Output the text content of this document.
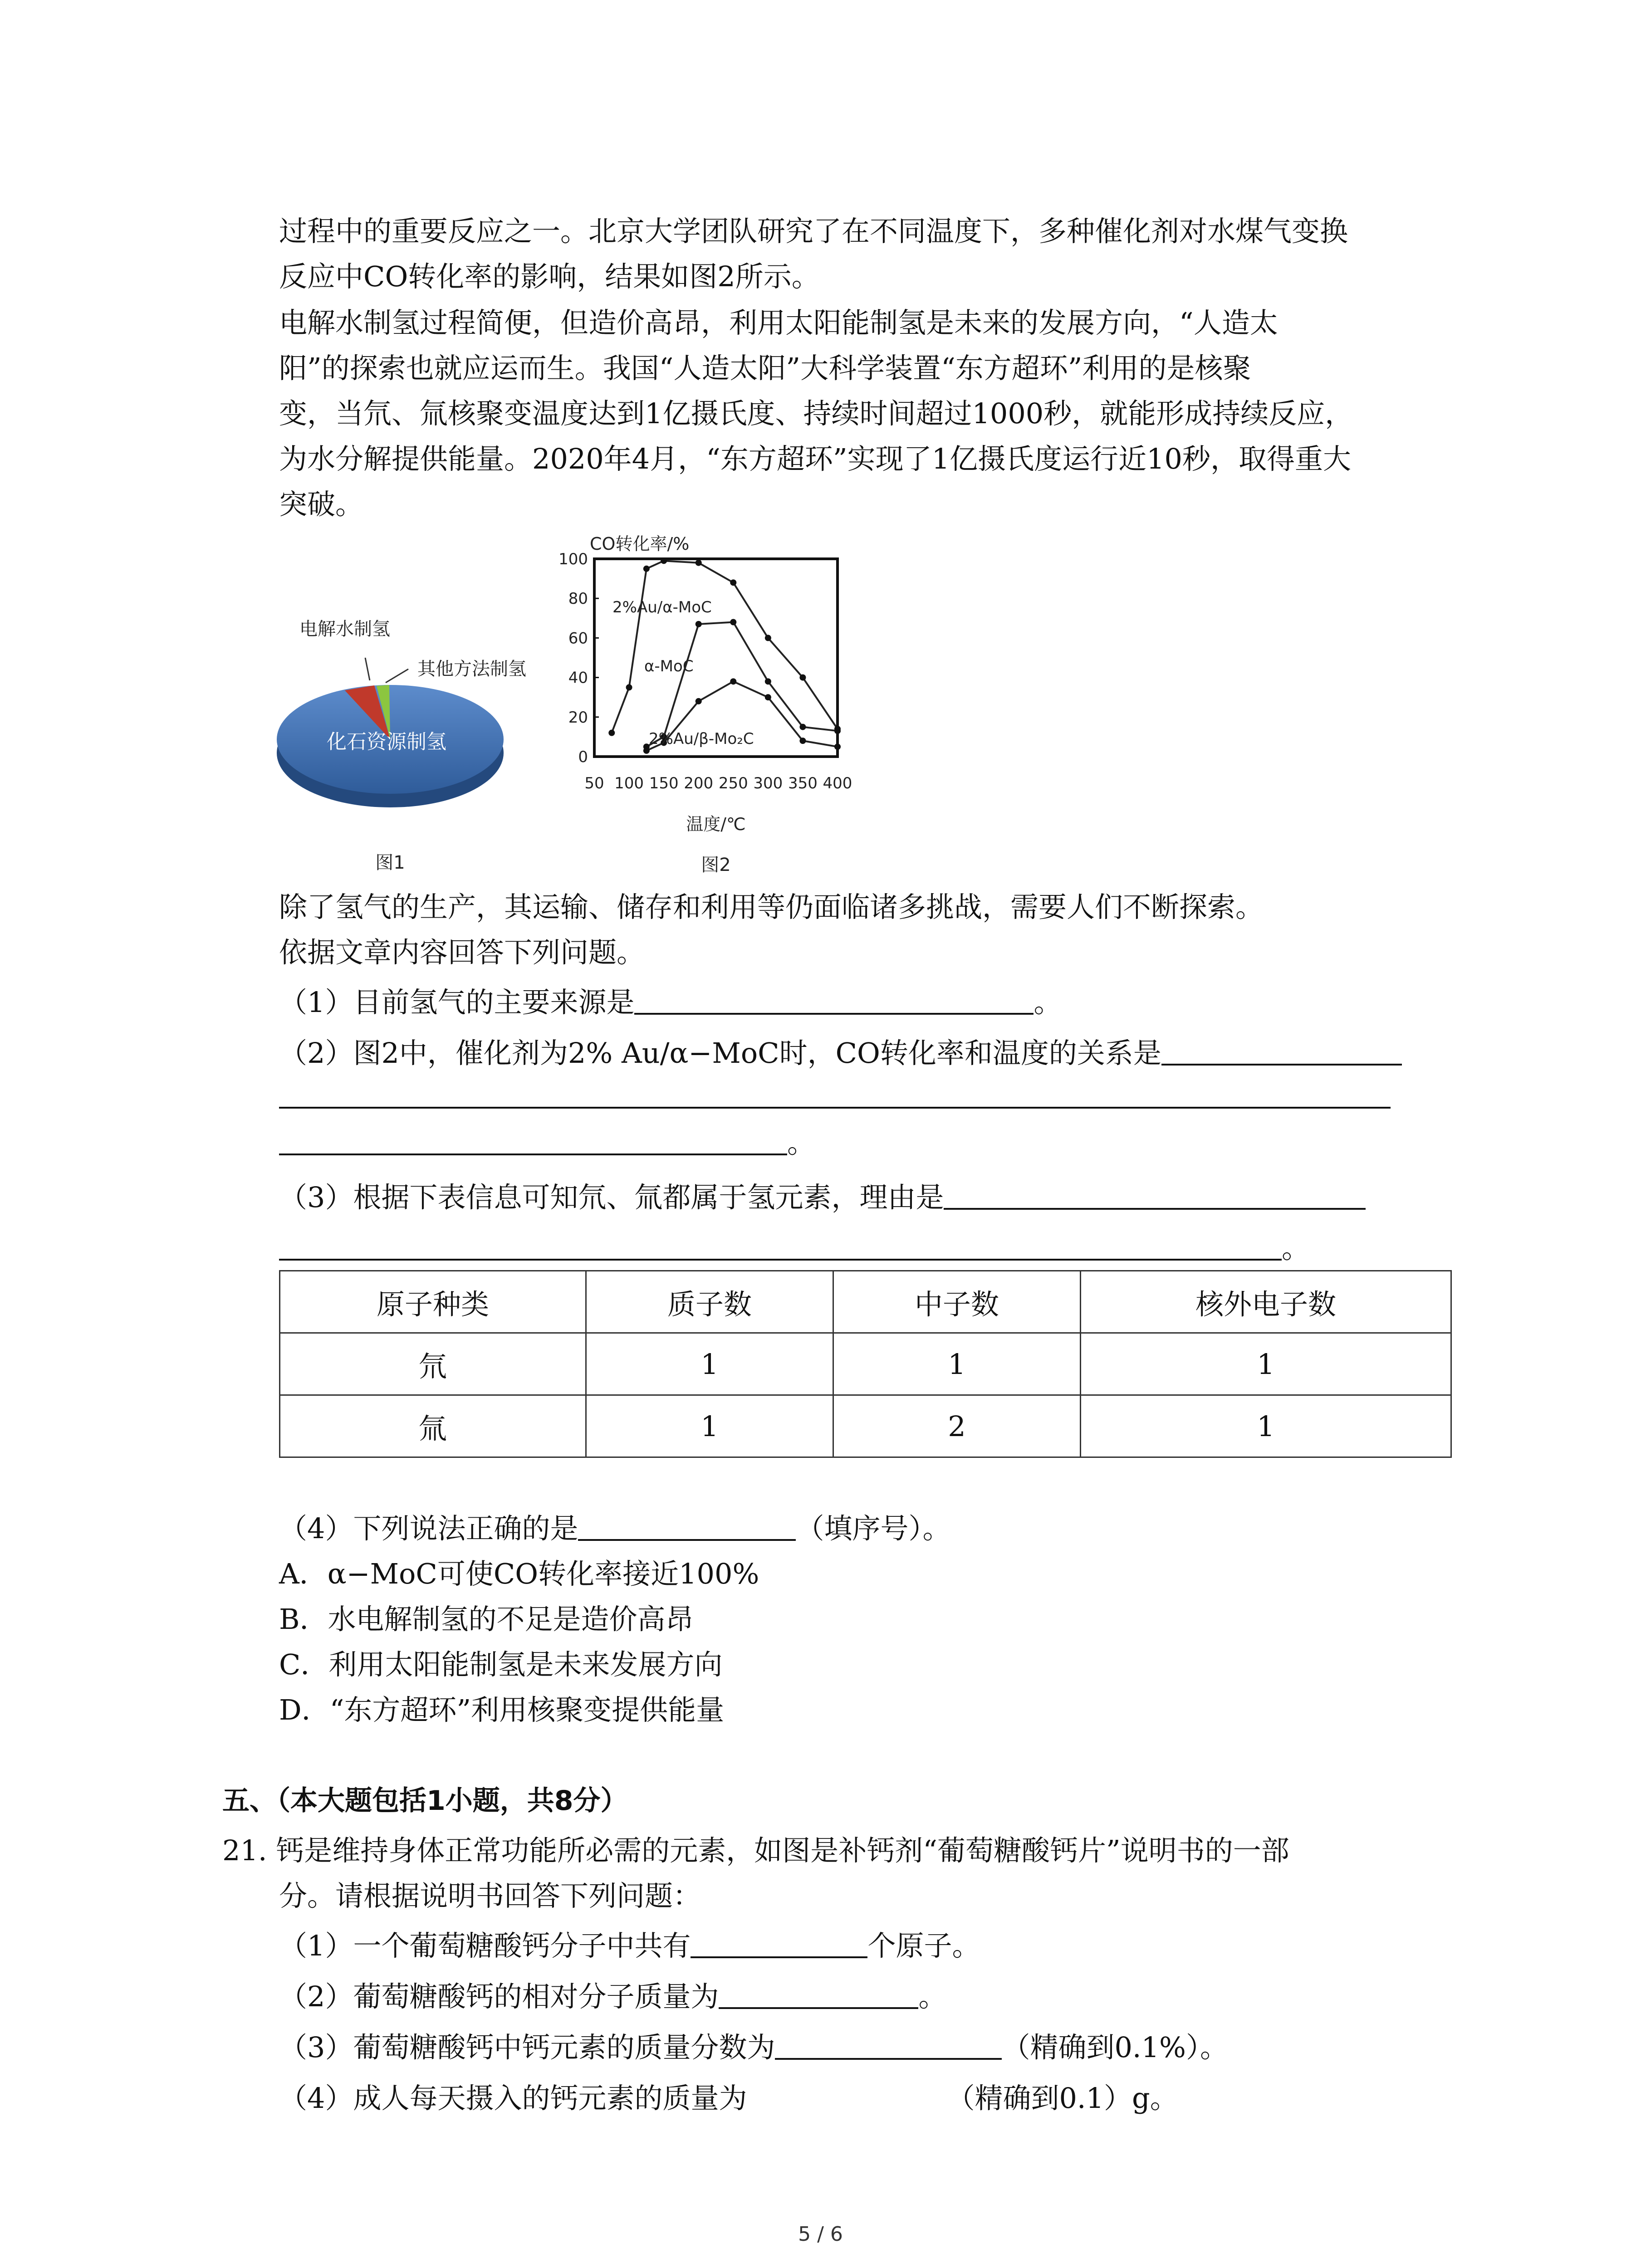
过程中的重要反应之一。北京大学团队研究了在不同温度下，多种催化剂对水煤气变换
反应中CO转化率的影响，结果如图2所示。
电解水制氢过程简便，但造价高昂，利用太阳能制氢是未来的发展方向，“人造太
阳”的探索也就应运而生。我国“人造太阳”大科学装置“东方超环”利用的是核聚
变，当氘、氚核聚变温度达到1亿摄氏度、持续时间超过1000秒，就能形成持续反应，
为水分解提供能量。2020年4月，“东方超环”实现了1亿摄氏度运行近10秒，取得重大
突破。
电解水制氢
其他方法制氢
化石资源制氢
图1
CO转化率/%
0
20
40
60
80
100
50 100 150 200 250 300 350 400
2%Au/α-MoC
α-MoC
2%Au/β-Mo₂C
温度/℃
图2
除了氢气的生产，其运输、储存和利用等仍面临诸多挑战，需要人们不断探索。
依据文章内容回答下列问题。
（1）目前氢气的主要来源是	。
（2）图2中，催化剂为2% Au/α−MoC时，CO转化率和温度的关系是
。
（3）根据下表信息可知氘、氚都属于氢元素，理由是
。
原子种类	质子数	中子数	核外电子数
氘	1	1	1
氚	1	2	1
（4）下列说法正确的是	（填序号）。
A．α−MoC可使CO转化率接近100%
B．水电解制氢的不足是造价高昂
C．利用太阳能制氢是未来发展方向
D．“东方超环”利用核聚变提供能量
五、（本大题包括1小题，共8分）
21. 钙是维持身体正常功能所必需的元素，如图是补钙剂“葡萄糖酸钙片”说明书的一部
分。请根据说明书回答下列问题：
（1）一个葡萄糖酸钙分子中共有	个原子。
（2）葡萄糖酸钙的相对分子质量为	。
（3）葡萄糖酸钙中钙元素的质量分数为	（精确到0.1%）。
（4）成人每天摄入的钙元素的质量为	（精确到0.1）g。
5 / 6
